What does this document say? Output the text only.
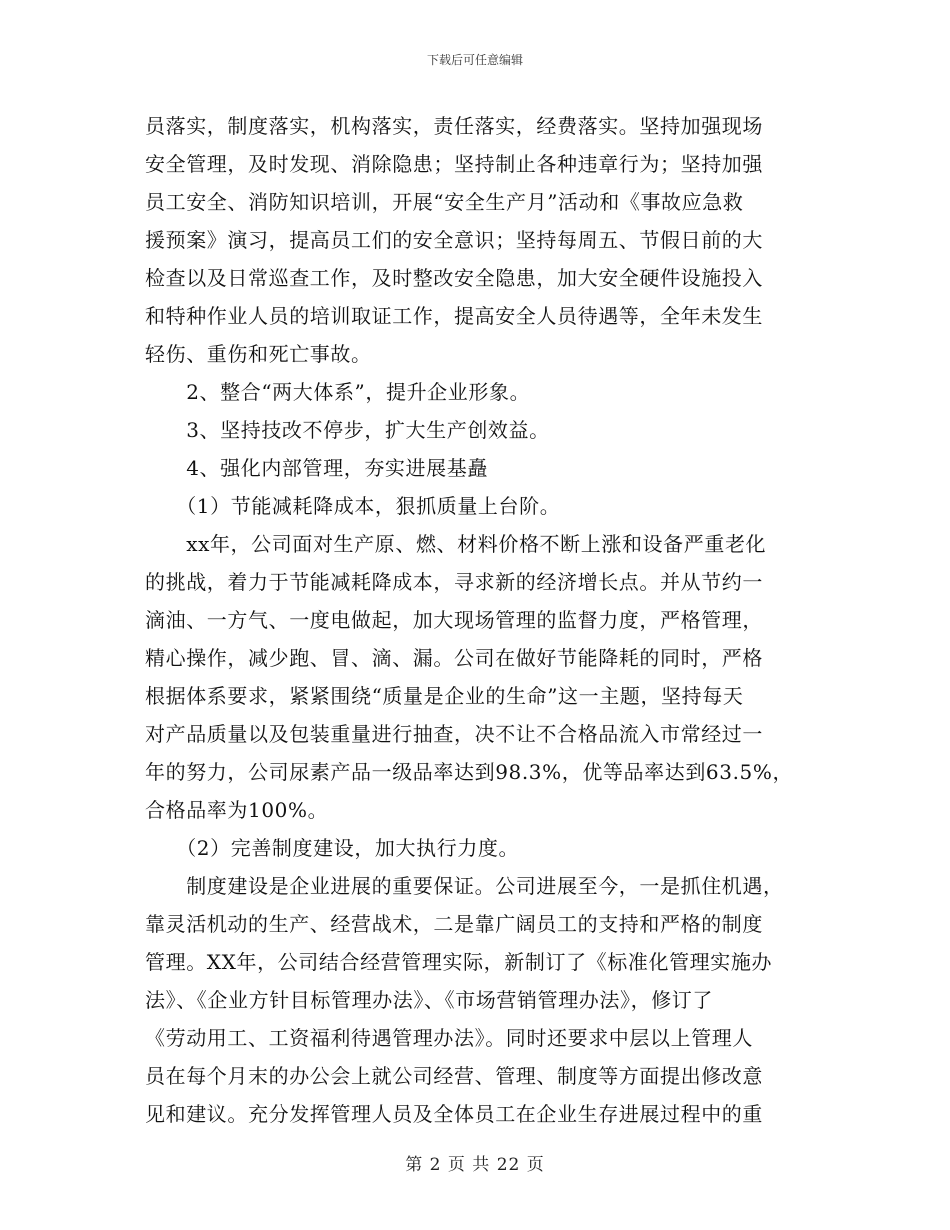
下载后可任意编辑
员落实，制度落实，机构落实，责任落实，经费落实。坚持加强现场
安全管理，及时发现、消除隐患；坚持制止各种违章行为；坚持加强
员工安全、消防知识培训，开展“安全生产月”活动和《事故应急救
援预案》演习，提高员工们的安全意识；坚持每周五、节假日前的大
检查以及日常巡查工作，及时整改安全隐患，加大安全硬件设施投入
和特种作业人员的培训取证工作，提高安全人员待遇等，全年未发生
轻伤、重伤和死亡事故。
　　2、整合“两大体系”，提升企业形象。
　　3、坚持技改不停步，扩大生产创效益。
　　4、强化内部管理，夯实进展基矗
　　（1）节能减耗降成本，狠抓质量上台阶。
　　xx年，公司面对生产原、燃、材料价格不断上涨和设备严重老化
的挑战，着力于节能减耗降成本，寻求新的经济增长点。并从节约一
滴油、一方气、一度电做起，加大现场管理的监督力度，严格管理，
精心操作，减少跑、冒、滴、漏。公司在做好节能降耗的同时，严格
根据体系要求，紧紧围绕“质量是企业的生命”这一主题，坚持每天
对产品质量以及包装重量进行抽查，决不让不合格品流入市常经过一
年的努力，公司尿素产品一级品率达到98.3%，优等品率达到63.5%，
合格品率为100%。
　　（2）完善制度建设，加大执行力度。
　　制度建设是企业进展的重要保证。公司进展至今，一是抓住机遇，
靠灵活机动的生产、经营战术，二是靠广阔员工的支持和严格的制度
管理。XX年，公司结合经营管理实际，新制订了《标准化管理实施办
法》、《企业方针目标管理办法》、《市场营销管理办法》，修订了
《劳动用工、工资福利待遇管理办法》。同时还要求中层以上管理人
员在每个月末的办公会上就公司经营、管理、制度等方面提出修改意
见和建议。充分发挥管理人员及全体员工在企业生存进展过程中的重
第 2 页 共 22 页
